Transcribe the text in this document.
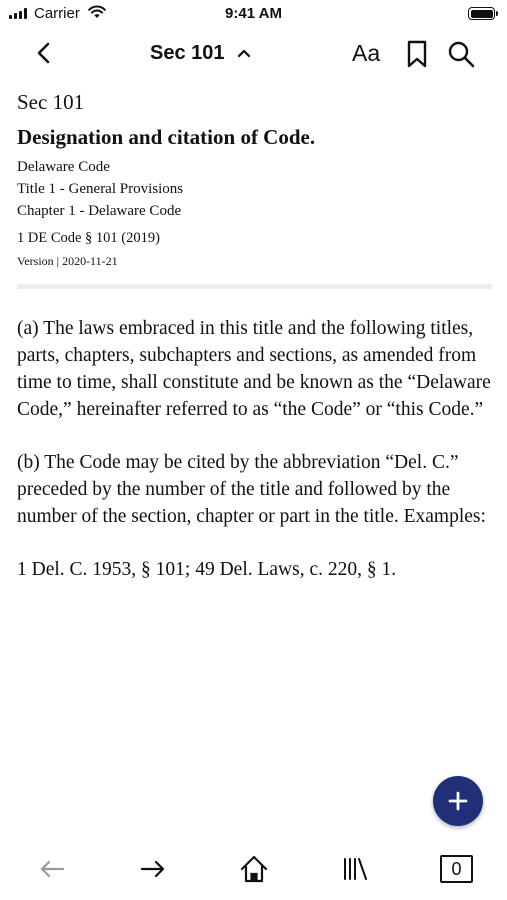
Carrier	9:41 AM
Sec 101	Aa
Sec 101
Designation and citation of Code.
Delaware Code
Title 1 - General Provisions
Chapter 1 - Delaware Code
1 DE Code § 101 (2019)
Version | 2020-11-21

(a) The laws embraced in this title and the following titles, parts, chapters, subchapters and sections, as amended from time to time, shall constitute and be known as the “Delaware Code,” hereinafter referred to as “the Code” or “this Code.”

(b) The Code may be cited by the abbreviation “Del. C.” preceded by the number of the title and followed by the number of the section, chapter or part in the title. Examples:

1 Del. C. 1953, § 101; 49 Del. Laws, c. 220, § 1.

0
